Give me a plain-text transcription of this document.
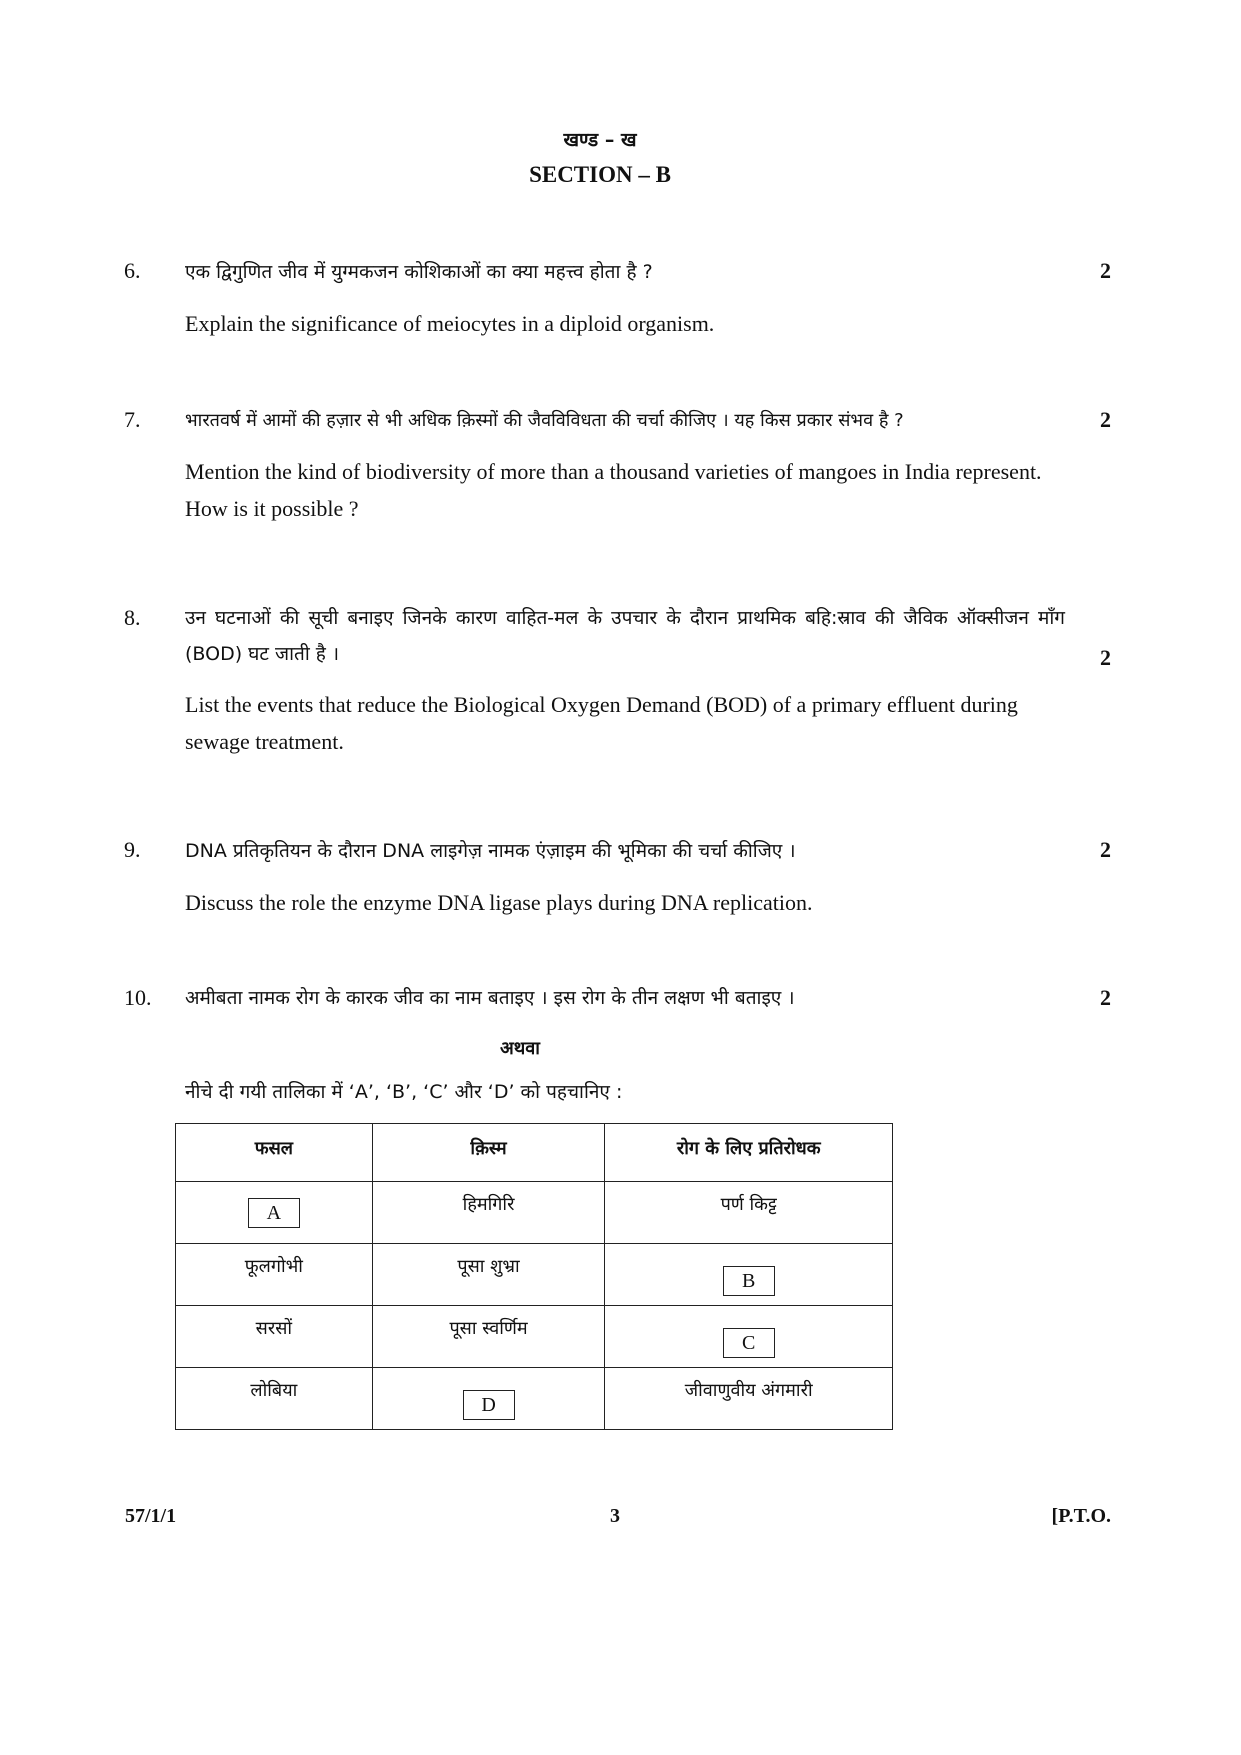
खण्ड – ख
SECTION – B
6. एक द्विगुणित जीव में युग्मकजन कोशिकाओं का क्या महत्त्व होता है ?	2
Explain the significance of meiocytes in a diploid organism.
7. भारतवर्ष में आमों की हज़ार से भी अधिक क़िस्मों की जैवविविधता की चर्चा कीजिए । यह किस प्रकार संभव है ?	2
Mention the kind of biodiversity of more than a thousand varieties of mangoes in India represent. How is it possible ?
8. उन घटनाओं की सूची बनाइए जिनके कारण वाहित-मल के उपचार के दौरान प्राथमिक बहि:स्राव की जैविक ऑक्सीजन माँग (BOD) घट जाती है ।	2
List the events that reduce the Biological Oxygen Demand (BOD) of a primary effluent during sewage treatment.
9. DNA प्रतिकृतियन के दौरान DNA लाइगेज़ नामक एंज़ाइम की भूमिका की चर्चा कीजिए ।	2
Discuss the role the enzyme DNA ligase plays during DNA replication.
10. अमीबता नामक रोग के कारक जीव का नाम बताइए । इस रोग के तीन लक्षण भी बताइए ।	2
अथवा
नीचे दी गयी तालिका में ‘A’, ‘B’, ‘C’ और ‘D’ को पहचानिए :
फसल	क़िस्म	रोग के लिए प्रतिरोधक
A	हिमगिरि	पर्ण किट्ट
फूलगोभी	पूसा शुभ्रा	B
सरसों	पूसा स्वर्णिम	C
लोबिया	D	जीवाणुवीय अंगमारी
57/1/1	3	[P.T.O.
